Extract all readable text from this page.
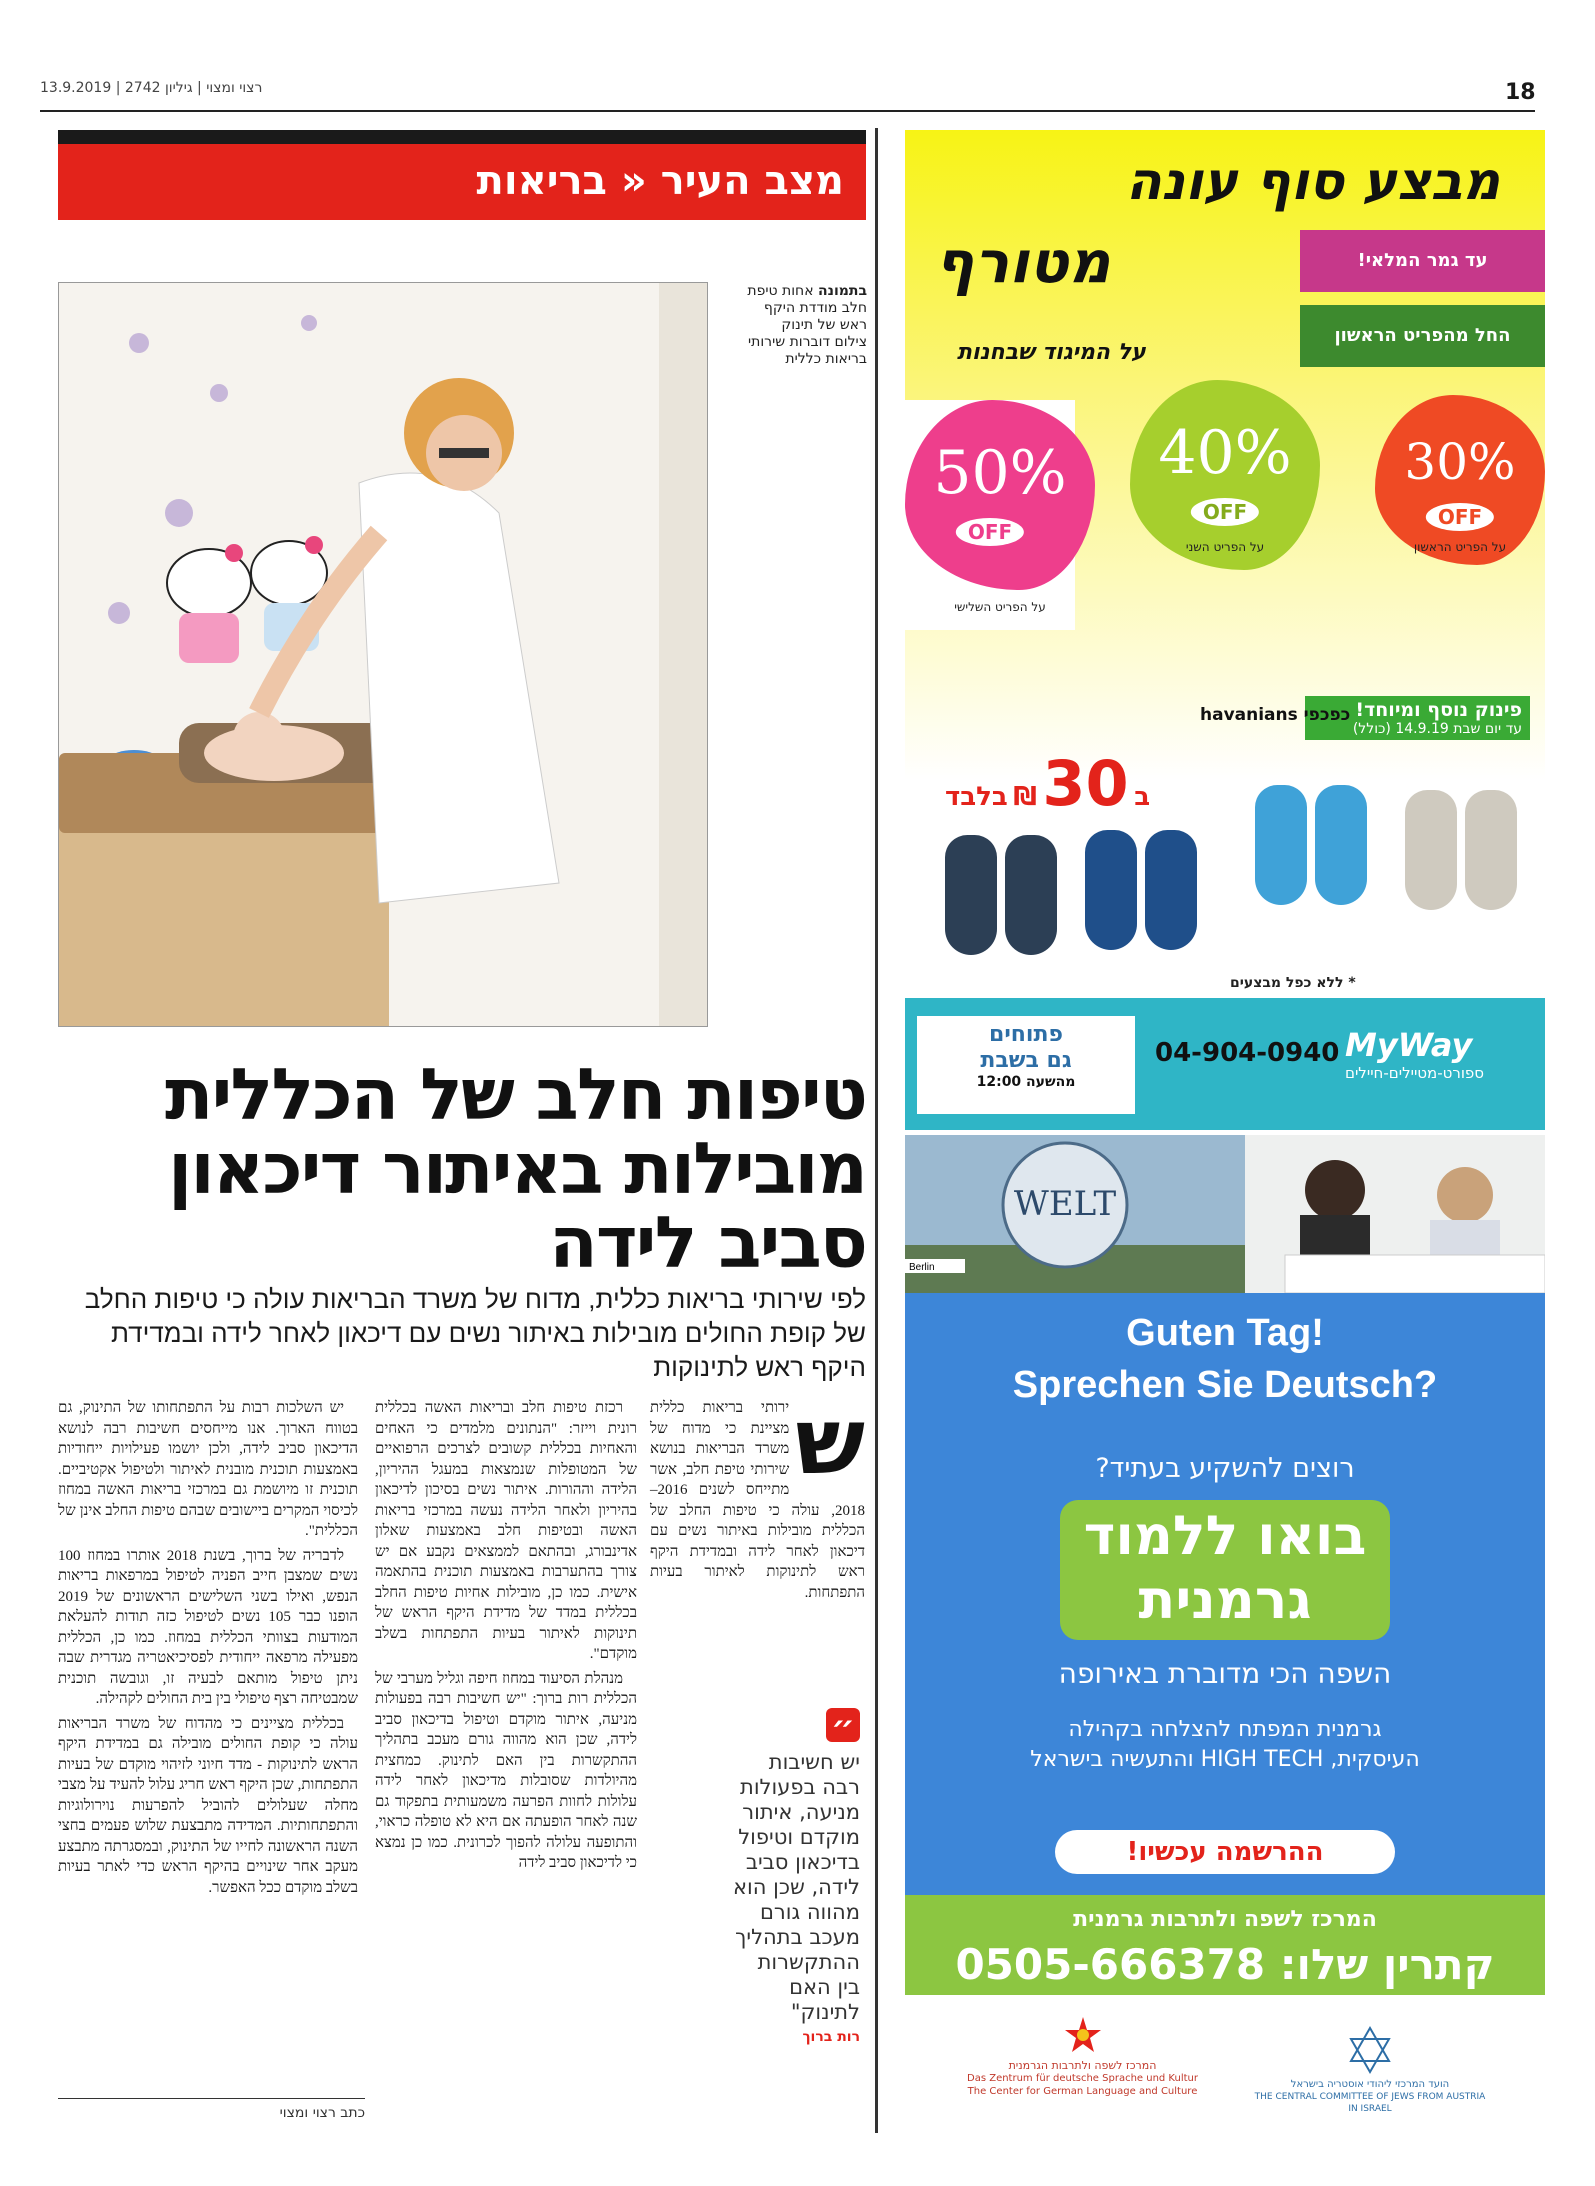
18
רצוי ומצוי | גיליון 2742 | 13.9.2019
מצב העיר « בריאות
בתמונה אחות טיפת חלב מודדת היקף ראש של תינוק
צילום דוברות שירותי בריאות כללית
טיפות חלב של הכללית
מובילות באיתור דיכאון
סביב לידה
לפי שירותי בריאות כללית, מדוח של משרד הבריאות עולה כי טיפות החלב של קופת החולים מובילות באיתור נשים עם דיכאון לאחר לידה ובמדידת היקף ראש לתינוקות
ש

ירותי בריאות כללית מציינת כי מדוח של משרד הבריאות בנושא שירותי טיפת חלב, אשר מתייחס לשנים 2016–2018, עולה כי טיפות החלב של הכללית מובילות באיתור נשים עם דיכאון לאחר לידה ובמדידת היקף ראש לתינוקות לאיתור בעיות התפתחות.

״
יש חשיבות רבה בפעולות מניעה, איתור מוקדם וטיפול בדיכאון סביב לידה, שכן הוא מהווה גורם מעכב בתהליך ההתקשרות בין האם לתינוק"
רות ברוך

רכזת טיפות חלב ובריאות האשה בכללית רונית וייזר: "הנתונים מלמדים כי האחים והאחיות בכללית קשובים לצרכים הרפואיים של המטופלות שנמצאות במעגל ההיריון, הלידה וההורות. איתור נשים בסיכון לדיכאון בהיריון ולאחר הלידה נעשה במרכזי בריאות האשה ובטיפות חלב באמצעות שאלון אדינבורג, ובהתאם לממצאים נקבע אם יש צורך בהתערבות באמצעות תוכנית בהתאמה אישית. כמו כן, מובילות אחיות טיפות החלב בכללית במדד של מדידת היקף הראש של תינוקות לאיתור בעיות התפתחות בשלב מוקדם".

מנהלת הסיעוד במחוז חיפה וגליל מערבי של הכללית רות ברוך: "יש חשיבות רבה בפעולות מניעה, איתור מוקדם וטיפול בדיכאון סביב לידה, שכן הוא מהווה גורם מעכב בתהליך ההתקשרות בין האם לתינוק. כמחצית מהיולדות שסובלות מדיכאון לאחר לידה עלולות לחוות הפרעה משמעותית בתפקוד גם שנה לאחר הופעתה אם היא לא טופלה כראוי, והתופעה עלולה להפוך לכרונית. כמו כן נמצא כי לדיכאון סביב לידה

יש השלכות רבות על התפתחותו של התינוק, גם בטווח הארוך. אנו מייחסים חשיבות רבה לנושא הדיכאון סביב לידה, ולכן יושמו פעילויות ייחודיות באמצעות תוכנית מובנית לאיתור ולטיפול אקטיביים. תוכנית זו מיושמת גם במרכזי בריאות האשה במחוז לכיסוי המקרים ביישובים שבהם טיפות החלב אינן של הכללית".

לדבריה של ברוך, בשנת 2018 אותרו במחוז 100 נשים שמצבן חייב הפניה לטיפול במרפאות בריאות הנפש, ואילו בשני השלישים הראשונים של 2019 הופנו כבר 105 נשים לטיפול כזה תודות להעלאת המודעות בצוותי הכללית במחוז. כמו כן, הכללית מפעילה מרפאה ייחודית לפסיכיאטריה מגדרית שבה ניתן טיפול מותאם לבעיה זו, וגובשה תוכנית שמבטיחה רצף טיפולי בין בית החולים לקהילה.

בכללית מציינים כי מהדוח של משרד הבריאות עולה כי קופת החולים מובילה גם במדידת היקף הראש לתינוקות - מדד חיוני לזיהוי מוקדם של בעיות התפתחות, שכן היקף ראש חריג עלול להעיד על מצבי מחלה שעלולים להוביל להפרעות נוירולוגיות והתפתחותיות. המדידה מתבצעת שלוש פעמים בחצי השנה הראשונה לחייו של התינוק, ובמסגרתה מתבצע מעקב אחר שינויים בהיקף הראש כדי לאתר בעיות בשלב מוקדם ככל האפשר.

כתב רצוי ומצוי
מבצע סוף עונה
מטורף
על המיגוד שבחנות
עד גמר המלאי!
החל מהפריט הראשון
50%
OFF
על הפריט השלישי
40%
OFF
על הפריט השני
30%
OFF
על הפריט הראשון
פינוק נוסף ומיוחד!
עד יום שבת 14.9.19 (כולל)
כפכפי havanians
ב 30 ₪ בלבד
* ללא כפל מבצעים
פתוחים
גם בשבת
מהשעה 12:00
04-904-0940 MyWay
ספורט-מטיילים-חיילים
WELT
Berlin
Guten Tag!
Sprechen Sie Deutsch?
רוצים להשקיע בעתיד?
בואו ללמוד
גרמנית
השפה הכי מדוברת באירופה
גרמנית המפתח להצלחה בקהילה
העיסקית, HIGH TECH והתעשיה בישראל
ההרשמה עכשיו!
המרכז לשפה ולתרבות גרמנית
קתרין שלו: 0505-666378
המרכז לשפה ולתרבות הגרמנית
Das Zentrum für deutsche Sprache und Kultur
The Center for German Language and Culture
הועד המרכזי ליהודי אוסטריה בישראל
THE CENTRAL COMMITTEE OF JEWS FROM AUSTRIA IN ISRAEL
